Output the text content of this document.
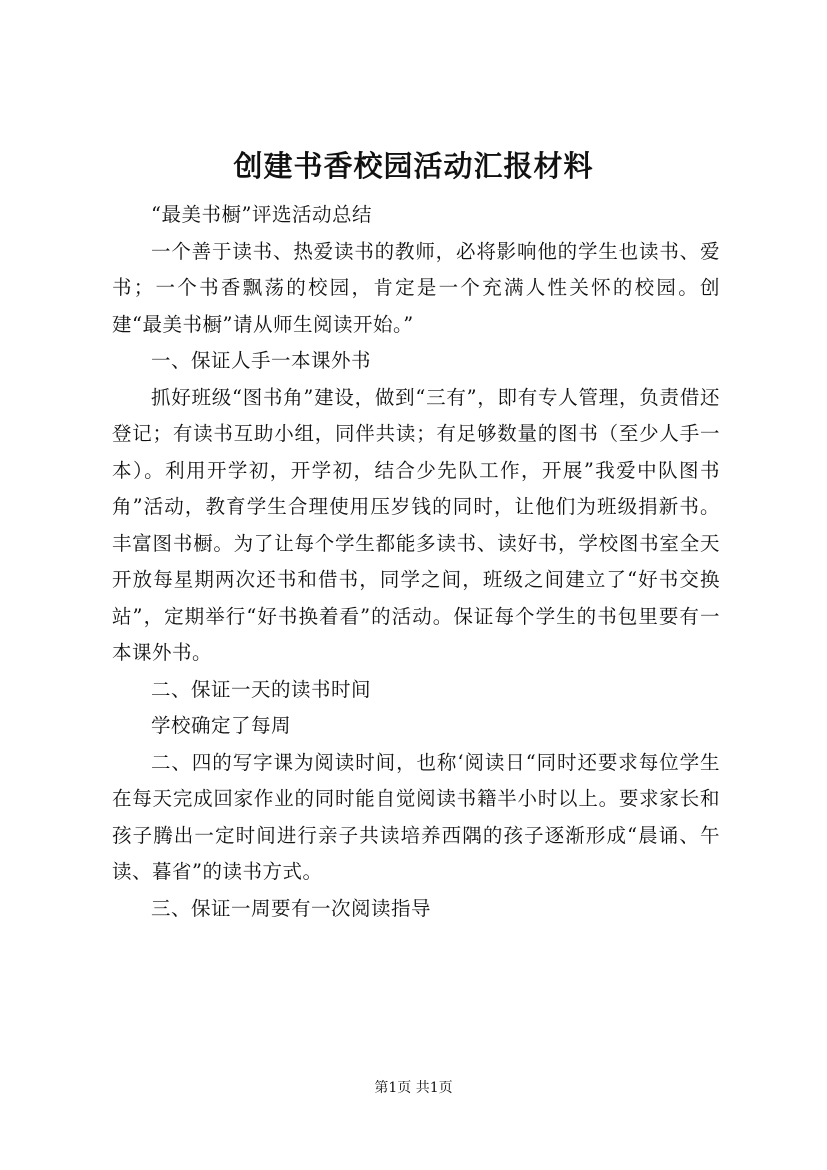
创建书香校园活动汇报材料

“最美书橱”评选活动总结

一个善于读书、热爱读书的教师，必将影响他的学生也读书、爱书；一个书香飘荡的校园，肯定是一个充满人性关怀的校园。创建“最美书橱”请从师生阅读开始。”

一、保证人手一本课外书

抓好班级“图书角”建设，做到“三有”，即有专人管理，负责借还登记；有读书互助小组，同伴共读；有足够数量的图书（至少人手一本）。利用开学初，开学初，结合少先队工作，开展”我爱中队图书角”活动，教育学生合理使用压岁钱的同时，让他们为班级捐新书。丰富图书橱。为了让每个学生都能多读书、读好书，学校图书室全天开放每星期两次还书和借书，同学之间，班级之间建立了“好书交换站”，定期举行“好书换着看”的活动。保证每个学生的书包里要有一本课外书。

二、保证一天的读书时间

学校确定了每周

二、四的写字课为阅读时间，也称‘阅读日“同时还要求每位学生在每天完成回家作业的同时能自觉阅读书籍半小时以上。要求家长和孩子腾出一定时间进行亲子共读培养西隅的孩子逐渐形成“晨诵、午读、暮省”的读书方式。

三、保证一周要有一次阅读指导

第1页 共1页
